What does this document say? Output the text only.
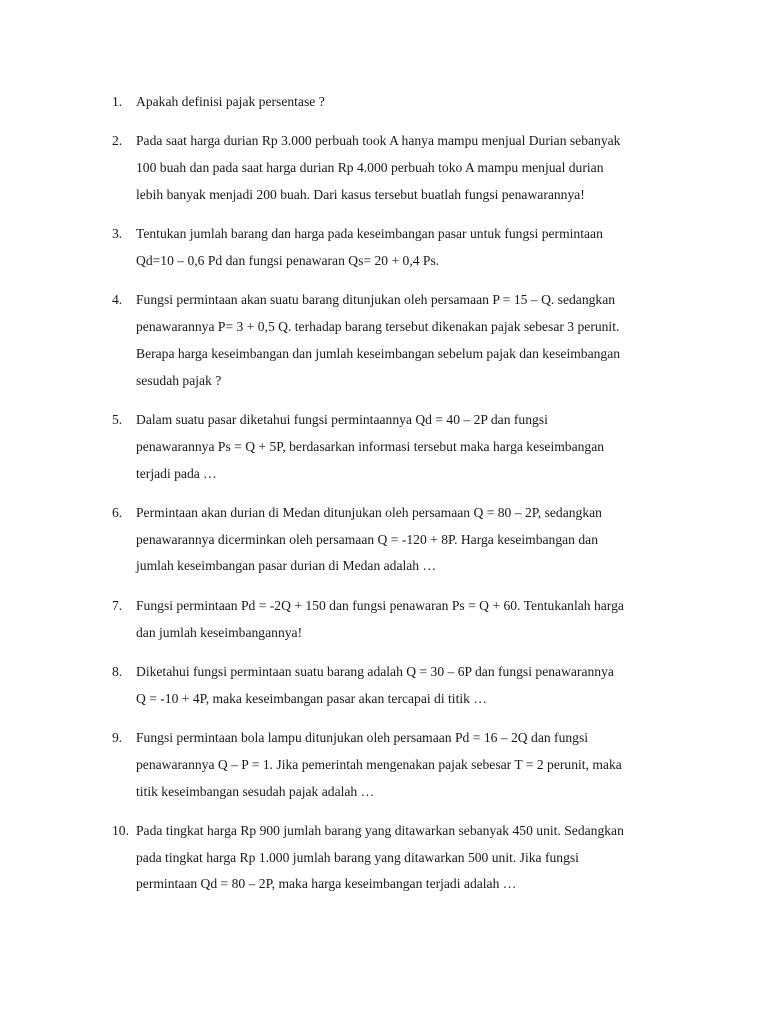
1. Apakah definisi pajak persentase ?

2. Pada saat harga durian Rp 3.000 perbuah took A hanya mampu menjual Durian sebanyak
100 buah dan pada saat harga durian Rp 4.000 perbuah toko A mampu menjual durian
lebih banyak menjadi 200 buah. Dari kasus tersebut buatlah fungsi penawarannya!

3. Tentukan jumlah barang dan harga pada keseimbangan pasar untuk fungsi permintaan
Qd=10 – 0,6 Pd dan fungsi penawaran Qs= 20 + 0,4 Ps.

4. Fungsi permintaan akan suatu barang ditunjukan oleh persamaan P = 15 – Q. sedangkan
penawarannya P= 3 + 0,5 Q. terhadap barang tersebut dikenakan pajak sebesar 3 perunit.
Berapa harga keseimbangan dan jumlah keseimbangan sebelum pajak dan keseimbangan
sesudah pajak ?

5. Dalam suatu pasar diketahui fungsi permintaannya Qd = 40 – 2P dan fungsi
penawarannya Ps = Q + 5P, berdasarkan informasi tersebut maka harga keseimbangan
terjadi pada …

6. Permintaan akan durian di Medan ditunjukan oleh persamaan Q = 80 – 2P, sedangkan
penawarannya dicerminkan oleh persamaan Q = -120 + 8P. Harga keseimbangan dan
jumlah keseimbangan pasar durian di Medan adalah …

7. Fungsi permintaan Pd = -2Q + 150 dan fungsi penawaran Ps = Q + 60. Tentukanlah harga
dan jumlah keseimbangannya!

8. Diketahui fungsi permintaan suatu barang adalah Q = 30 – 6P dan fungsi penawarannya
Q = -10 + 4P, maka keseimbangan pasar akan tercapai di titik …

9. Fungsi permintaan bola lampu ditunjukan oleh persamaan Pd = 16 – 2Q dan fungsi
penawarannya Q – P = 1. Jika pemerintah mengenakan pajak sebesar T = 2 perunit, maka
titik keseimbangan sesudah pajak adalah …

10. Pada tingkat harga Rp 900 jumlah barang yang ditawarkan sebanyak 450 unit. Sedangkan
pada tingkat harga Rp 1.000 jumlah barang yang ditawarkan 500 unit. Jika fungsi
permintaan Qd = 80 – 2P, maka harga keseimbangan terjadi adalah …
